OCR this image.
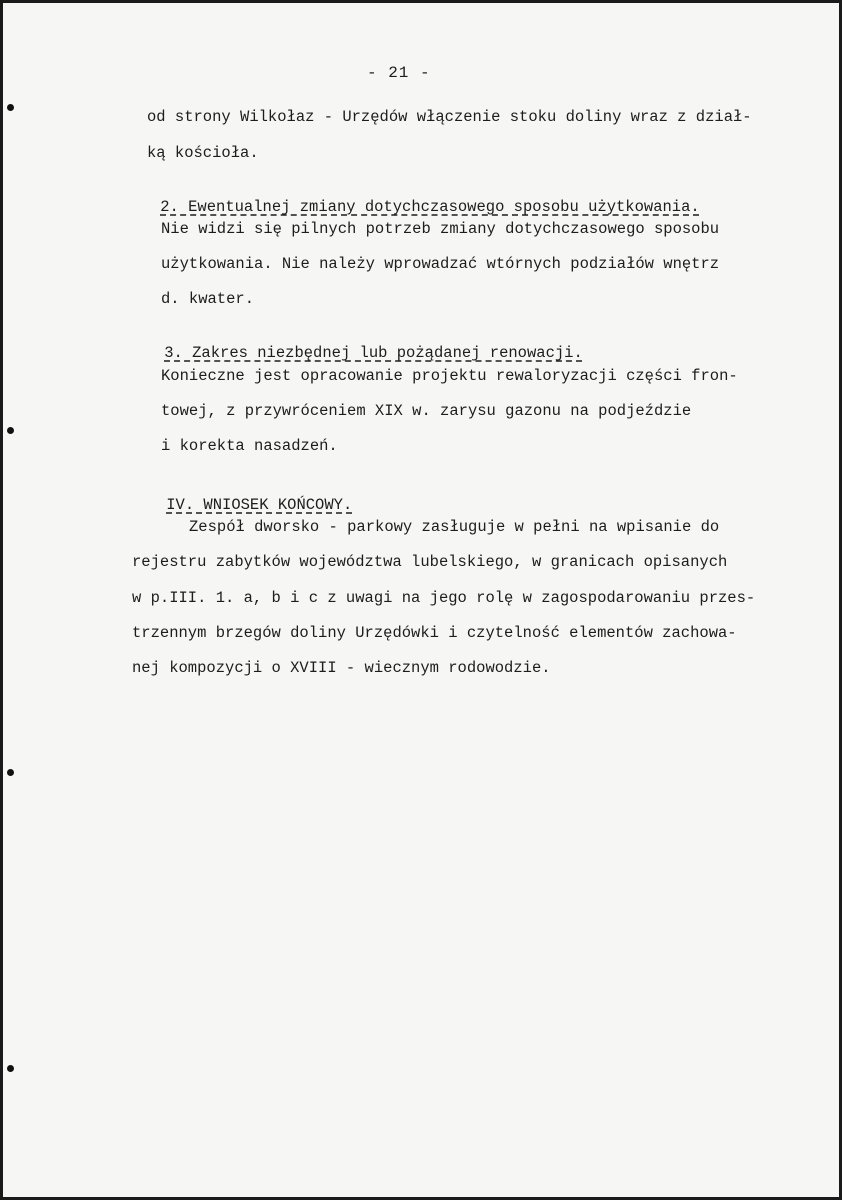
- 21 -
od strony Wilkołaz - Urzędów włączenie stoku doliny wraz z dział-
ką kościoła.

2. Ewentualnej zmiany dotychczasowego sposobu użytkowania.

Nie widzi się pilnych potrzeb zmiany dotychczasowego sposobu
użytkowania. Nie należy wprowadzać wtórnych podziałów wnętrz
d. kwater.

3. Zakres niezbędnej lub pożądanej renowacji.

Konieczne jest opracowanie projektu rewaloryzacji części fron-
towej, z przywróceniem XIX w. zarysu gazonu na podjeździe
i korekta nasadzeń.

IV. WNIOSEK KOŃCOWY.

Zespół dworsko - parkowy zasługuje w pełni na wpisanie do
rejestru zabytków województwa lubelskiego, w granicach opisanych
w p.III. 1. a, b i c z uwagi na jego rolę w zagospodarowaniu przes-
trzennym brzegów doliny Urzędówki i czytelność elementów zachowa-
nej kompozycji o XVIII - wiecznym rodowodzie.
